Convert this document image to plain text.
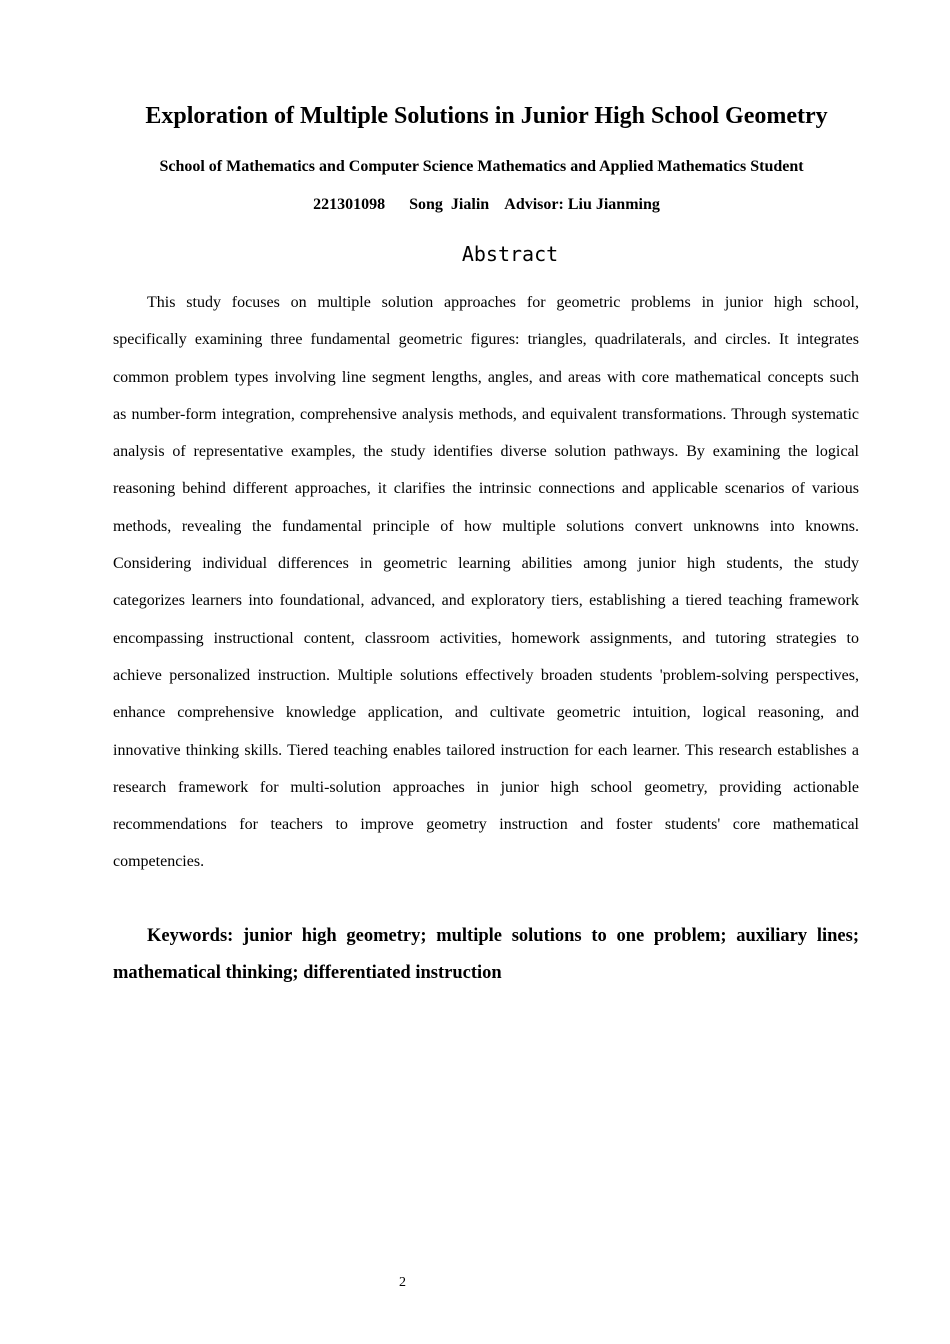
Exploration of Multiple Solutions in Junior High School Geometry
School of Mathematics and Computer Science Mathematics and Applied Mathematics Student
221301098      Song  Jialin    Advisor: Liu Jianming
Abstract

This study focuses on multiple solution approaches for geometric problems in junior high school, specifically examining three fundamental geometric figures: triangles, quadrilaterals, and circles. It integrates common problem types involving line segment lengths, angles, and areas with core mathematical concepts such as number-form integration, comprehensive analysis methods, and equivalent transformations. Through systematic analysis of representative examples, the study identifies diverse solution pathways. By examining the logical reasoning behind different approaches, it clarifies the intrinsic connections and applicable scenarios of various methods, revealing the fundamental principle of how multiple solutions convert unknowns into knowns. Considering individual differences in geometric learning abilities among junior high students, the study categorizes learners into foundational, advanced, and exploratory tiers, establishing a tiered teaching framework encompassing instructional content, classroom activities, homework assignments, and tutoring strategies to achieve personalized instruction. Multiple solutions effectively broaden students 'problem-solving perspectives, enhance comprehensive knowledge application, and cultivate geometric intuition, logical reasoning, and innovative thinking skills. Tiered teaching enables tailored instruction for each learner. This research establishes a research framework for multi-solution approaches in junior high school geometry, providing actionable recommendations for teachers to improve geometry instruction and foster students' core mathematical competencies.

Keywords: junior high geometry; multiple solutions to one problem; auxiliary lines; mathematical thinking; differentiated instruction

2
